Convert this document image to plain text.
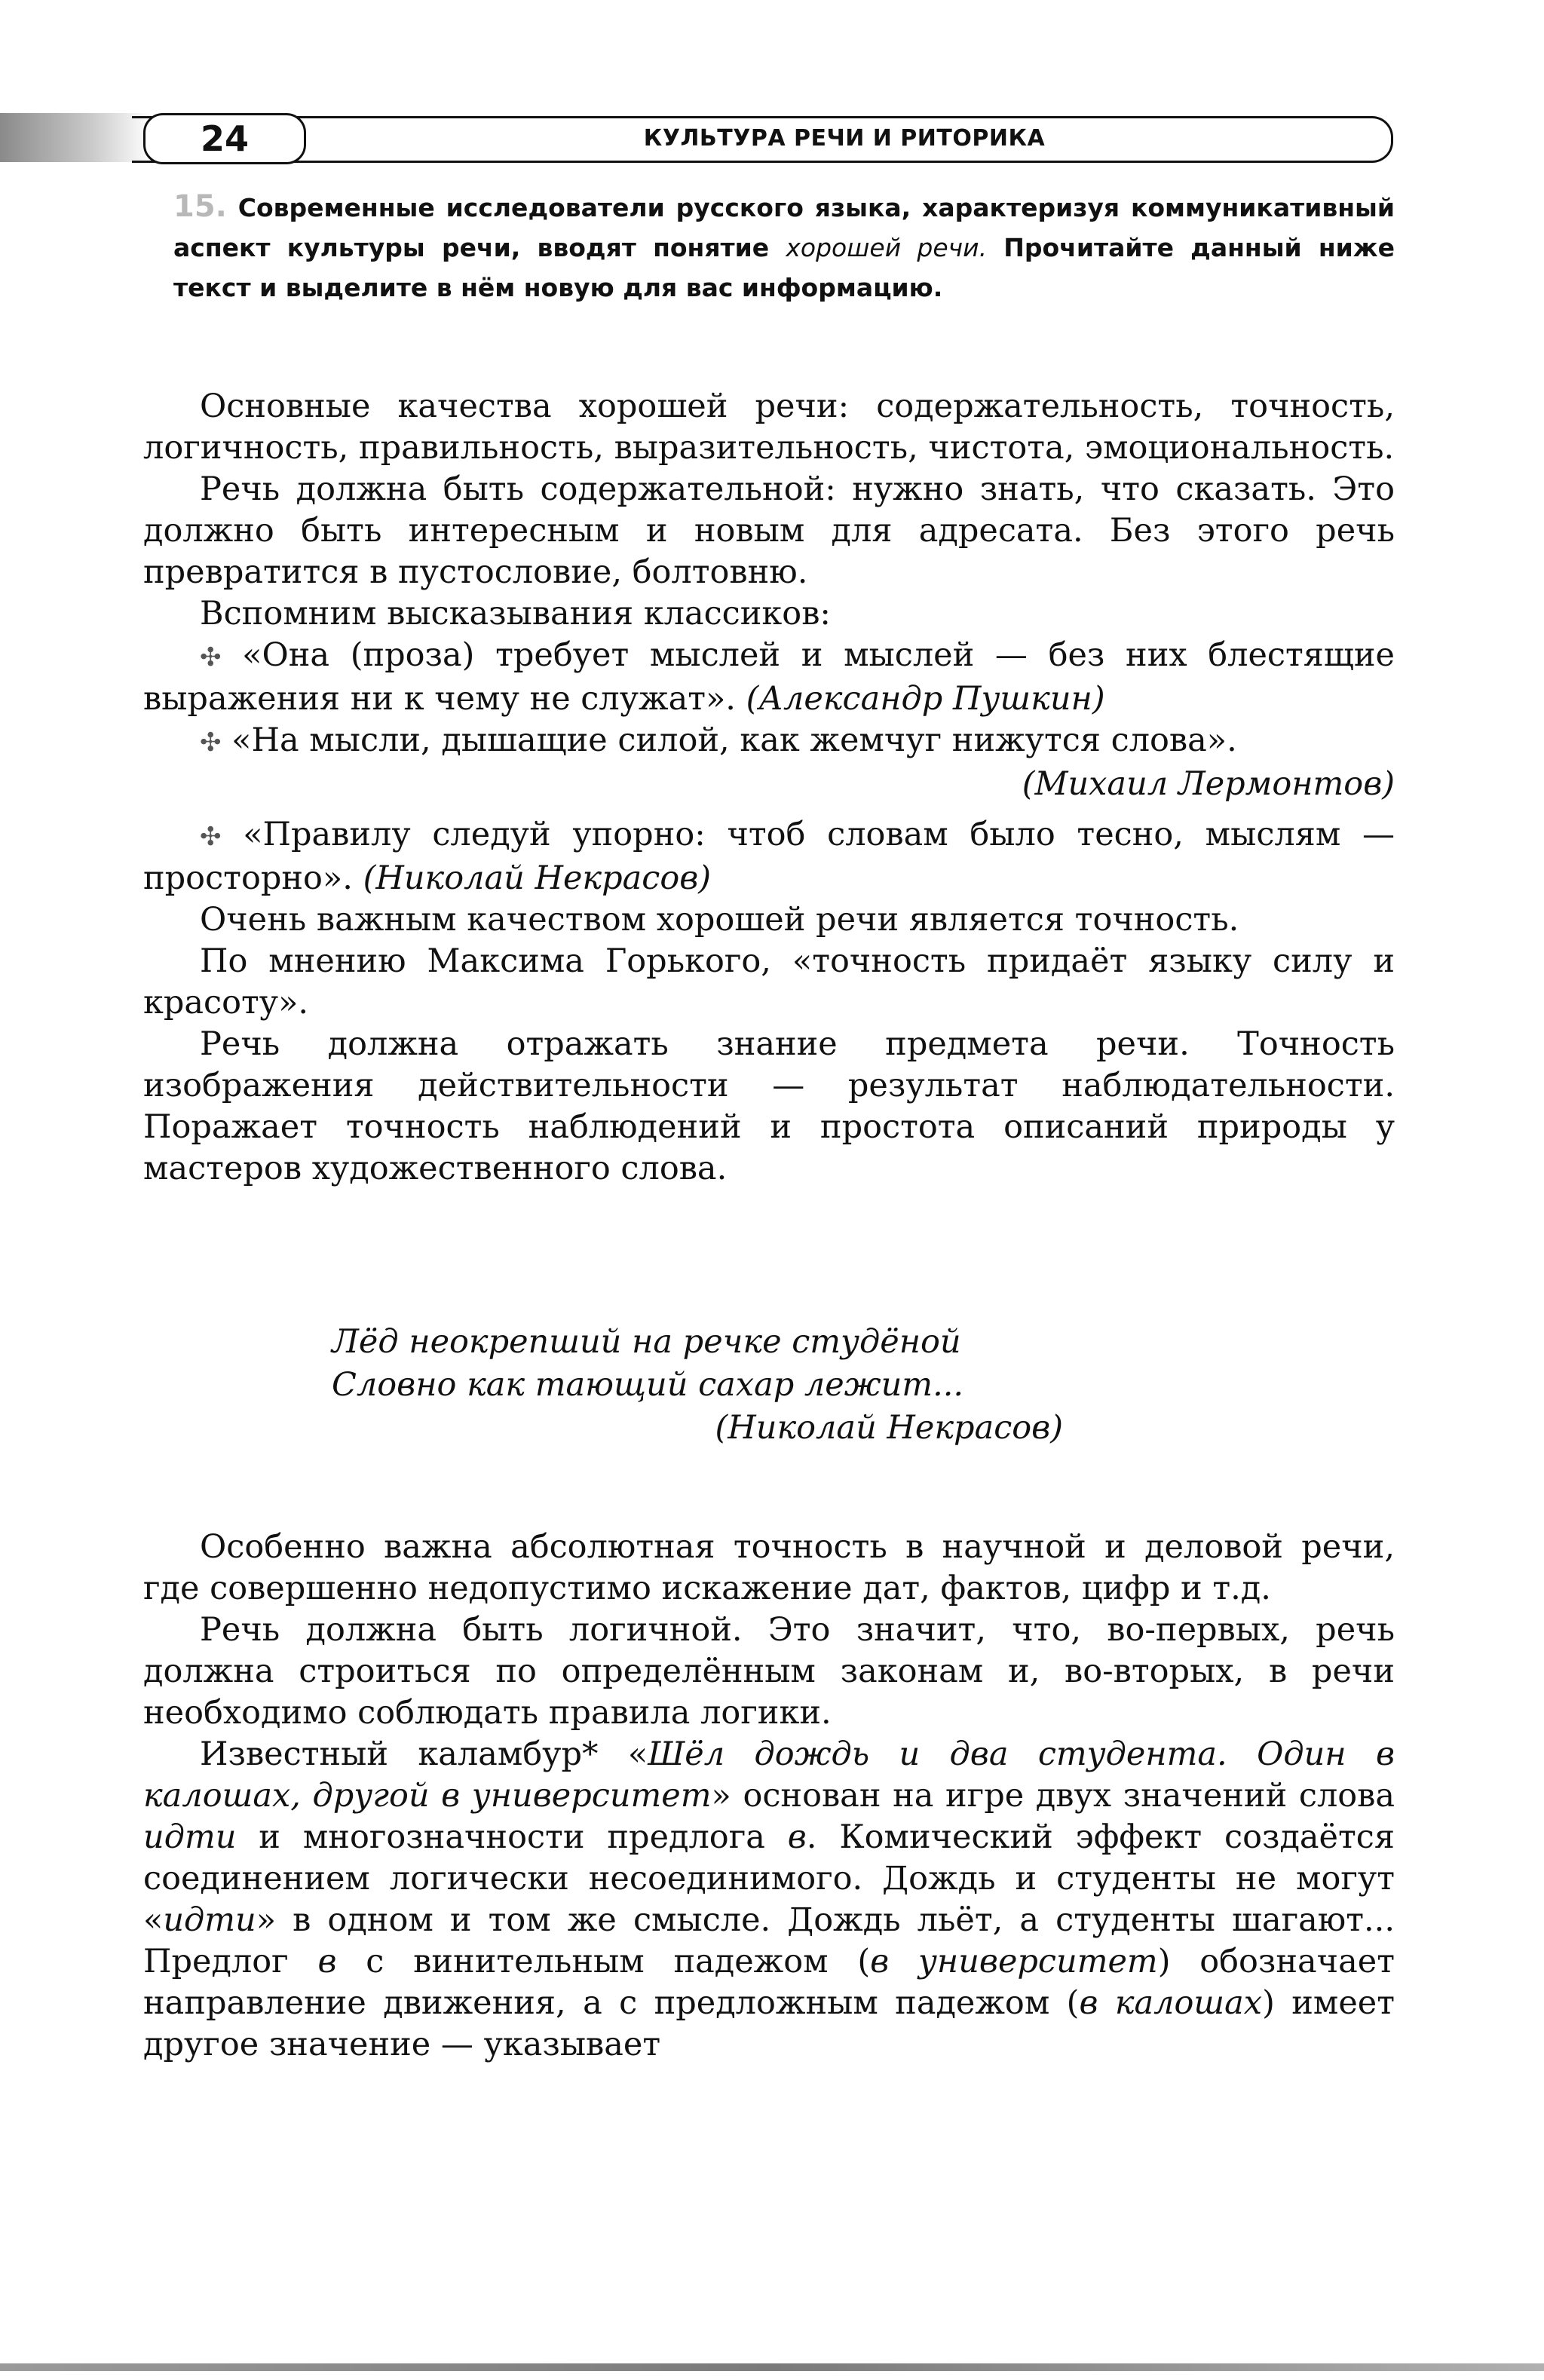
24	КУЛЬТУРА РЕЧИ И РИТОРИКА
15. Современные исследователи русского языка, характеризуя коммуникативный аспект культуры речи, вводят понятие хорошей речи. Прочитайте данный ниже текст и выделите в нём новую для вас информацию.

Основные качества хорошей речи: содержательность, точность, логичность, правильность, выразительность, чистота, эмоциональность.

Речь должна быть содержательной: нужно знать, что сказать. Это должно быть интересным и новым для адресата. Без этого речь превратится в пустословие, болтовню.

Вспомним высказывания классиков:

✣ «Она (проза) требует мыслей и мыслей — без них блестящие выражения ни к чему не служат». (Александр Пушкин)

✣ «На мысли, дышащие силой, как жемчуг нижутся слова».

(Михаил Лермонтов)

✣ «Правилу следуй упорно: чтоб словам было тесно, мыслям — просторно». (Николай Некрасов)

Очень важным качеством хорошей речи является точность.

По мнению Максима Горького, «точность придаёт языку силу и красоту».

Речь должна отражать знание предмета речи. Точность изображения действительности — результат наблюдательности. Поражает точность наблюдений и простота описаний природы у мастеров художественного слова.

Лёд неокрепший на речке студёной
Словно как тающий сахар лежит...
(Николай Некрасов)

Особенно важна абсолютная точность в научной и деловой речи, где совершенно недопустимо искажение дат, фактов, цифр и т.д.

Речь должна быть логичной. Это значит, что, во-первых, речь должна строиться по определённым законам и, во-вторых, в речи необходимо соблюдать правила логики.

Известный каламбур* «Шёл дождь и два студента. Один в калошах, другой в университет» основан на игре двух значений слова идти и многозначности предлога в. Комический эффект создаётся соединением логически несоединимого. Дождь и студенты не могут «идти» в одном и том же смысле. Дождь льёт, а студенты шагают... Предлог в с винительным падежом (в университет) обозначает направление движения, а с предложным падежом (в калошах) имеет другое значение — указывает
